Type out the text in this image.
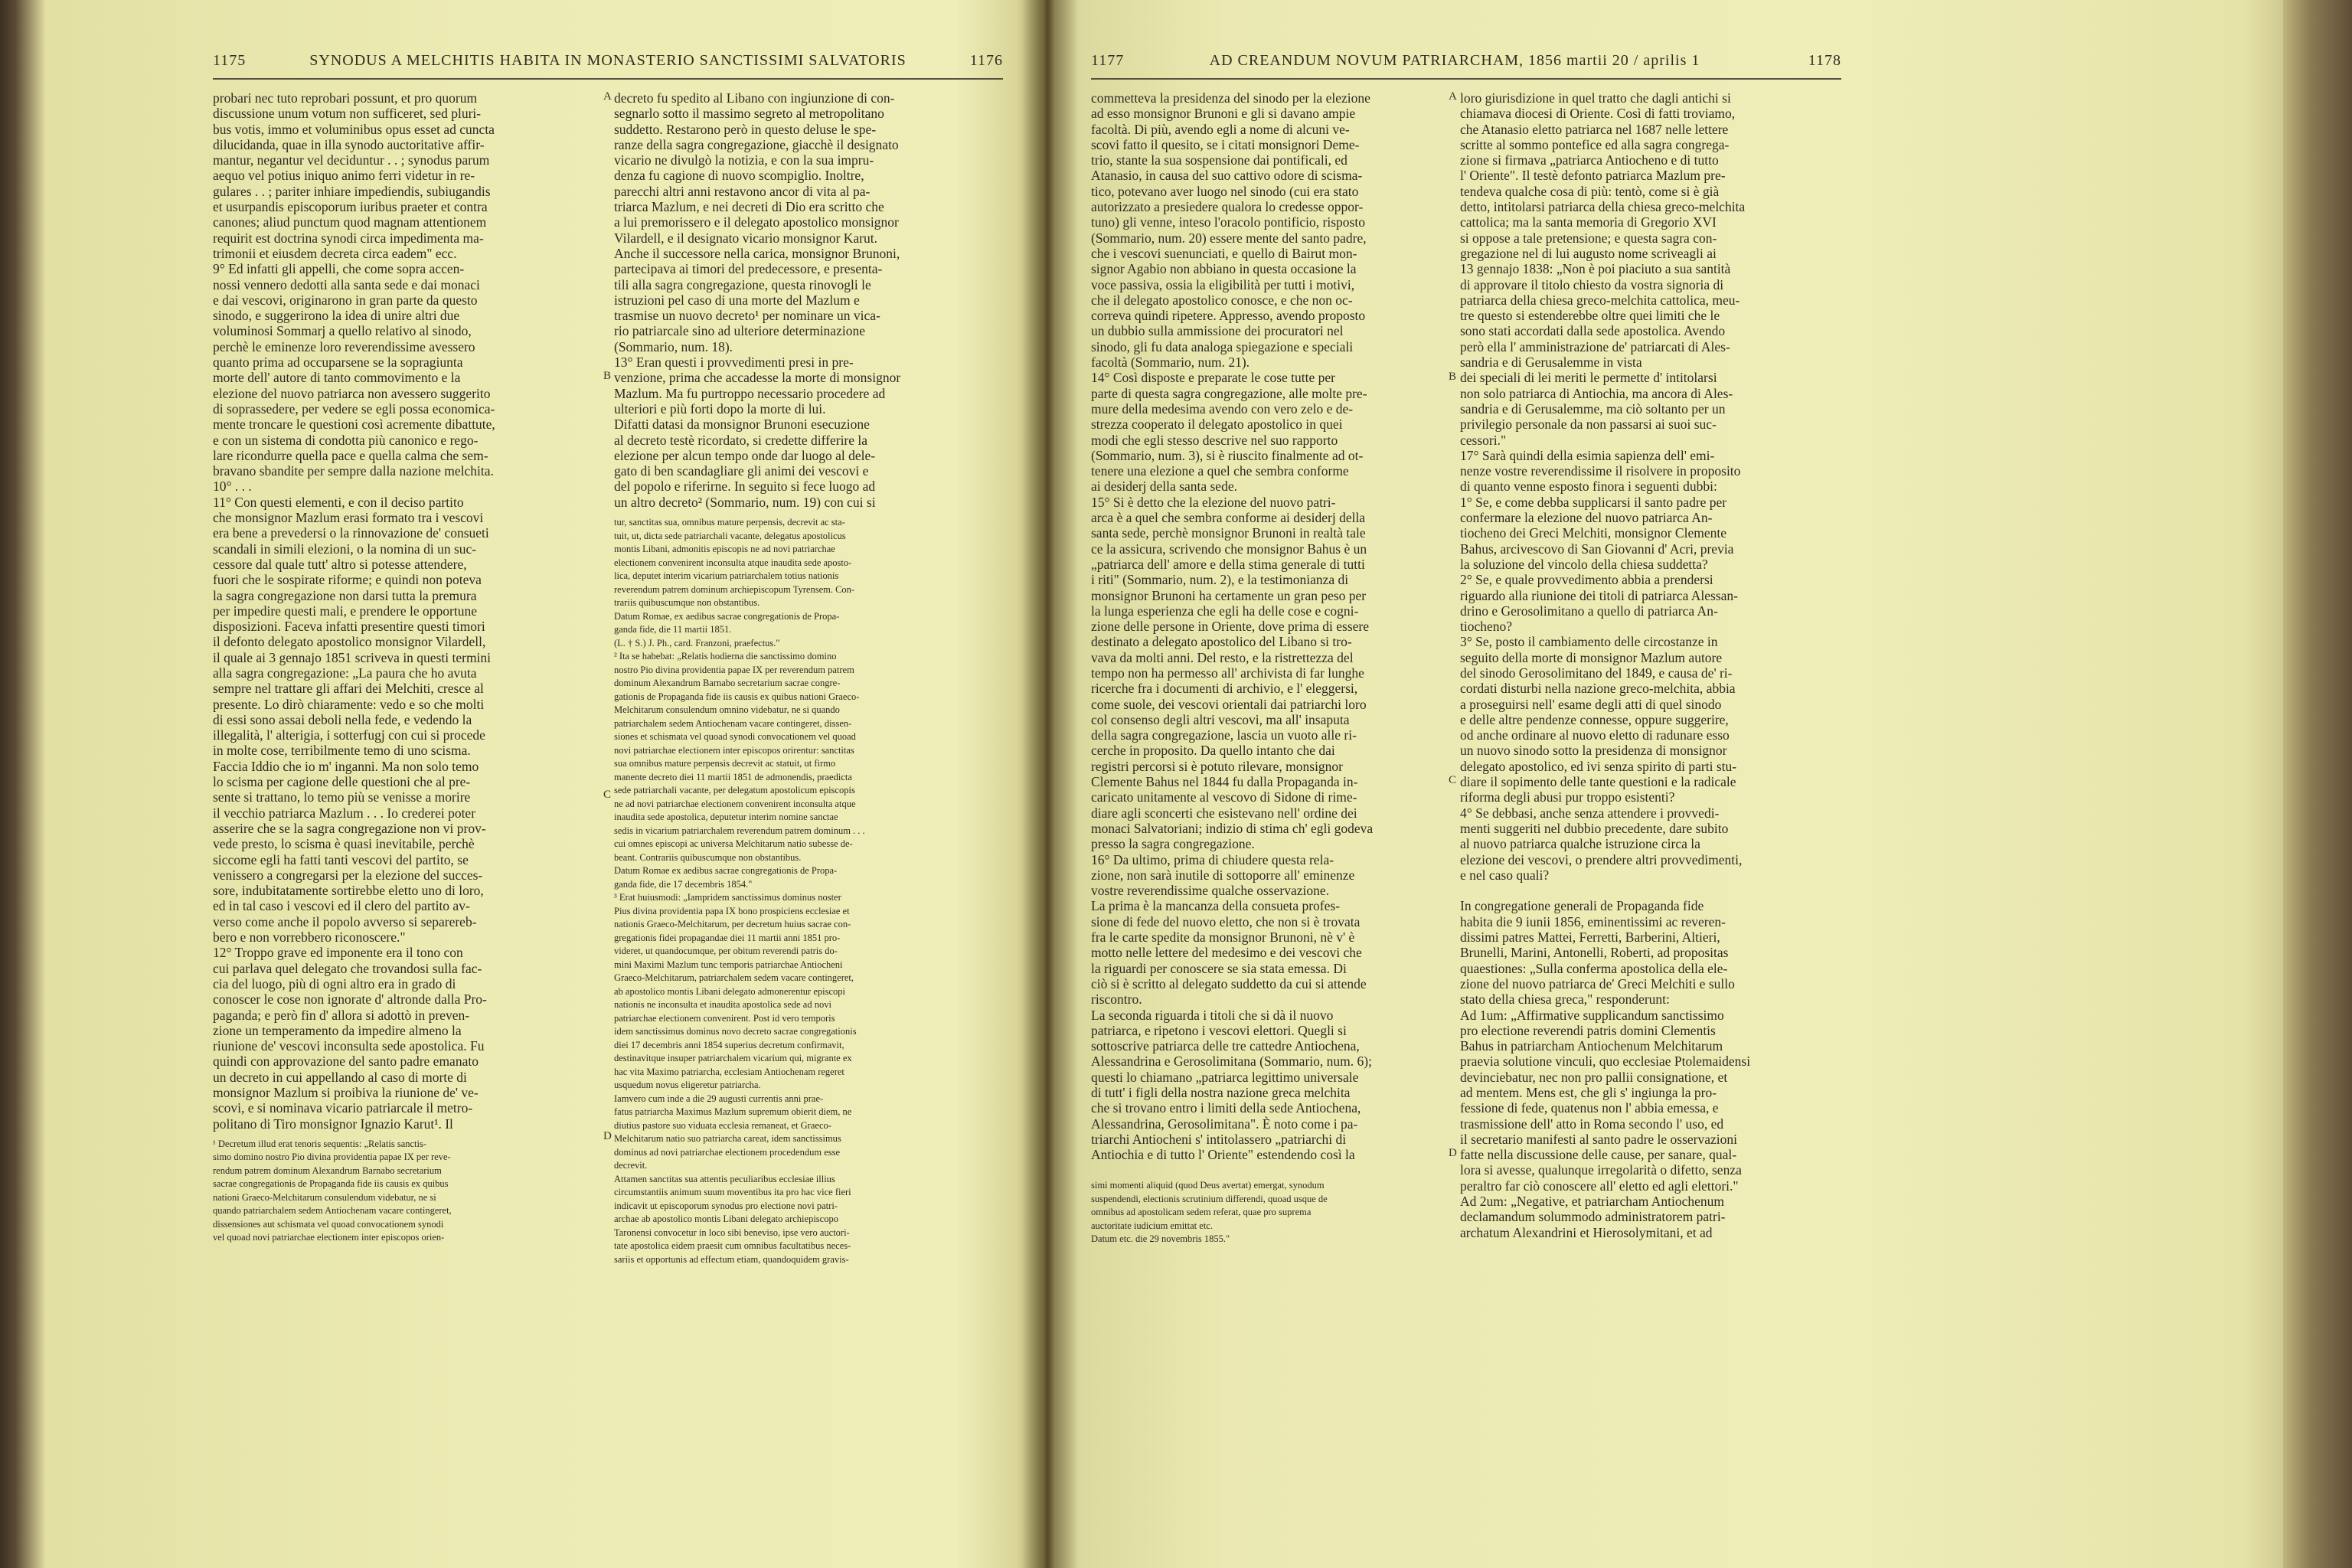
SYNODUS A MELCHITIS HABITA IN MONASTERIO SANCTISSIMI SALVATORIS
1175	1176
probari nec tuto reprobari possunt, et pro quorum
discussione unum votum non sufficeret, sed pluri-
bus votis, immo et voluminibus opus esset ad cuncta
dilucidanda, quae in illa synodo auctoritative affir-
mantur, negantur vel deciduntur . . ; synodus parum
aequo vel potius iniquo animo ferri videtur in re-
gulares . . ; pariter inhiare impediendis, subiugandis
et usurpandis episcoporum iuribus praeter et contra
canones; aliud punctum quod magnam attentionem
requirit est doctrina synodi circa impedimenta ma-
trimonii et eiusdem decreta circa eadem" ecc.
9° Ed infatti gli appelli, che come sopra accen-
nossi vennero dedotti alla santa sede e dai monaci
e dai vescovi, originarono in gran parte da questo
sinodo, e suggerirono la idea di unire altri due
voluminosi Sommarj a quello relativo al sinodo,
perchè le eminenze loro reverendissime avessero
quanto prima ad occuparsene se la sopragiunta
morte dell' autore di tanto commovimento e la
elezione del nuovo patriarca non avessero suggerito
di soprassedere, per vedere se egli possa economica-
mente troncare le questioni così acremente dibattute,
e con un sistema di condotta più canonico e rego-
lare ricondurre quella pace e quella calma che sem-
bravano sbandite per sempre dalla nazione melchita.
10° . . .
11° Con questi elementi, e con il deciso partito
che monsignor Mazlum erasi formato tra i vescovi
era bene a prevedersi o la rinnovazione de' consueti
scandali in simili elezioni, o la nomina di un suc-
cessore dal quale tutt' altro si potesse attendere,
fuori che le sospirate riforme; e quindi non poteva
la sagra congregazione non darsi tutta la premura
per impedire questi mali, e prendere le opportune
disposizioni. Faceva infatti presentire questi timori
il defonto delegato apostolico monsignor Vilardell,
il quale ai 3 gennajo 1851 scriveva in questi termini
alla sagra congregazione: „La paura che ho avuta
sempre nel trattare gli affari dei Melchiti, cresce al
presente. Lo dirò chiaramente: vedo e so che molti
di essi sono assai deboli nella fede, e vedendo la
illegalità, l' alterigia, i sotterfugj con cui si procede
in molte cose, terribilmente temo di uno scisma.
Faccia Iddio che io m' inganni. Ma non solo temo
lo scisma per cagione delle questioni che al pre-
sente si trattano, lo temo più se venisse a morire
il vecchio patriarca Mazlum . . . Io crederei poter
asserire che se la sagra congregazione non vi prov-
vede presto, lo scisma è quasi inevitabile, perchè
siccome egli ha fatti tanti vescovi del partito, se
venissero a congregarsi per la elezione del succes-
sore, indubitatamente sortirebbe eletto uno di loro,
ed in tal caso i vescovi ed il clero del partito av-
verso come anche il popolo avverso si separereb-
bero e non vorrebbero riconoscere."
12° Troppo grave ed imponente era il tono con
cui parlava quel delegato che trovandosi sulla fac-
cia del luogo, più di ogni altro era in grado di
conoscer le cose non ignorate d' altronde dalla Pro-
paganda; e però fin d' allora si adottò in preven-
zione un temperamento da impedire almeno la
riunione de' vescovi inconsulta sede apostolica. Fu
quindi con approvazione del santo padre emanato
un decreto in cui appellando al caso di morte di
monsignor Mazlum si proibiva la riunione de' ve-
scovi, e si nominava vicario patriarcale il metro-
politano di Tiro monsignor Ignazio Karut¹. Il
¹ Decretum illud erat tenoris sequentis: „Relatis sanctis-
simo domino nostro Pio divina providentia papae IX per reve-
rendum patrem dominum Alexandrum Barnabo secretarium
sacrae congregationis de Propaganda fide iis causis ex quibus
nationi Graeco-Melchitarum consulendum videbatur, ne si
quando patriarchalem sedem Antiochenam vacare contingeret,
dissensiones aut schismata vel quoad convocationem synodi
vel quoad novi patriarchae electionem inter episcopos orien-
decreto fu spedito al Libano con ingiunzione di con-
segnarlo sotto il massimo segreto al metropolitano
suddetto. Restarono però in questo deluse le spe-
ranze della sagra congregazione, giacchè il designato
vicario ne divulgò la notizia, e con la sua impru-
denza fu cagione di nuovo scompiglio. Inoltre,
parecchi altri anni restavono ancor di vita al pa-
triarca Mazlum, e nei decreti di Dio era scritto che
a lui premorissero e il delegato apostolico monsignor
Vilardell, e il designato vicario monsignor Karut.
Anche il successore nella carica, monsignor Brunoni,
partecipava ai timori del predecessore, e presenta-
tili alla sagra congregazione, questa rinovogli le
istruzioni pel caso di una morte del Mazlum e
trasmise un nuovo decreto¹ per nominare un vica-
rio patriarcale sino ad ulteriore determinazione
(Sommario, num. 18).
13° Eran questi i provvedimenti presi in pre-
venzione, prima che accadesse la morte di monsignor
Mazlum. Ma fu purtroppo necessario procedere ad
ulteriori e più forti dopo la morte di lui.
Difatti datasi da monsignor Brunoni esecuzione
al decreto testè ricordato, si credette differire la
elezione per alcun tempo onde dar luogo al dele-
gato di ben scandagliare gli animi dei vescovi e
del popolo e riferirne. In seguito si fece luogo ad
un altro decreto² (Sommario, num. 19) con cui si
tur, sanctitas sua, omnibus mature perpensis, decrevit ac sta-
tuit, ut, dicta sede patriarchali vacante, delegatus apostolicus
montis Libani, admonitis episcopis ne ad novi patriarchae
electionem convenirent inconsulta atque inaudita sede aposto-
lica, deputet interim vicarium patriarchalem totius nationis
reverendum patrem dominum archiepiscopum Tyrensem. Con-
trariis quibuscumque non obstantibus.
Datum Romae, ex aedibus sacrae congregationis de Propa-
ganda fide, die 11 martii 1851.
(L. † S.) J. Ph., card. Franzoni, praefectus."
² Ita se habebat: „Relatis hodierna die sanctissimo domino
nostro Pio divina providentia papae IX per reverendum patrem
dominum Alexandrum Barnabo secretarium sacrae congre-
gationis de Propaganda fide iis causis ex quibus nationi Graeco-
Melchitarum consulendum omnino videbatur, ne si quando
patriarchalem sedem Antiochenam vacare contingeret, dissen-
siones et schismata vel quoad synodi convocationem vel quoad
novi patriarchae electionem inter episcopos orirentur: sanctitas
sua omnibus mature perpensis decrevit ac statuit, ut firmo
manente decreto diei 11 martii 1851 de admonendis, praedicta
sede patriarchali vacante, per delegatum apostolicum episcopis
ne ad novi patriarchae electionem convenirent inconsulta atque
inaudita sede apostolica, deputetur interim nomine sanctae
sedis in vicarium patriarchalem reverendum patrem dominum . . .
cui omnes episcopi ac universa Melchitarum natio subesse de-
beant. Contrariis quibuscumque non obstantibus.
Datum Romae ex aedibus sacrae congregationis de Propa-
ganda fide, die 17 decembris 1854."
³ Erat huiusmodi: „Iampridem sanctissimus dominus noster
Pius divina providentia papa IX bono prospiciens ecclesiae et
nationis Graeco-Melchitarum, per decretum huius sacrae con-
gregationis fidei propagandae diei 11 martii anni 1851 pro-
videret, ut quandocumque, per obitum reverendi patris do-
mini Maximi Mazlum tunc temporis patriarchae Antiocheni
Graeco-Melchitarum, patriarchalem sedem vacare contingeret,
ab apostolico montis Libani delegato admonerentur episcopi
nationis ne inconsulta et inaudita apostolica sede ad novi
patriarchae electionem convenirent. Post id vero temporis
idem sanctissimus dominus novo decreto sacrae congregationis
diei 17 decembris anni 1854 superius decretum confirmavit,
destinavitque insuper patriarchalem vicarium qui, migrante ex
hac vita Maximo patriarcha, ecclesiam Antiochenam regeret
usquedum novus eligeretur patriarcha.
Iamvero cum inde a die 29 augusti currentis anni prae-
fatus patriarcha Maximus Mazlum supremum obierit diem, ne
diutius pastore suo viduata ecclesia remaneat, et Graeco-
Melchitarum natio suo patriarcha careat, idem sanctissimus
dominus ad novi patriarchae electionem procedendum esse
decrevit.
Attamen sanctitas sua attentis peculiaribus ecclesiae illius
circumstantiis animum suum moventibus ita pro hac vice fieri
indicavit ut episcoporum synodus pro electione novi patri-
archae ab apostolico montis Libani delegato archiepiscopo
Taronensi convocetur in loco sibi beneviso, ipse vero auctori-
tate apostolica eidem praesit cum omnibus facultatibus neces-
sariis et opportunis ad effectum etiam, quandoquidem gravis-
A
B
C
D
AD CREANDUM NOVUM PATRIARCHAM, 1856 martii 20 / aprilis 1
1177	1178
commetteva la presidenza del sinodo per la elezione
ad esso monsignor Brunoni e gli si davano ampie
facoltà. Di più, avendo egli a nome di alcuni ve-
scovi fatto il quesito, se i citati monsignori Deme-
trio, stante la sua sospensione dai pontificali, ed
Atanasio, in causa del suo cattivo odore di scisma-
tico, potevano aver luogo nel sinodo (cui era stato
autorizzato a presiedere qualora lo credesse oppor-
tuno) gli venne, inteso l'oracolo pontificio, risposto
(Sommario, num. 20) essere mente del santo padre,
che i vescovi suenunciati, e quello di Bairut mon-
signor Agabio non abbiano in questa occasione la
voce passiva, ossia la eligibilità per tutti i motivi,
che il delegato apostolico conosce, e che non oc-
correva quindi ripetere. Appresso, avendo proposto
un dubbio sulla ammissione dei procuratori nel
sinodo, gli fu data analoga spiegazione e speciali
facoltà (Sommario, num. 21).
14° Così disposte e preparate le cose tutte per
parte di questa sagra congregazione, alle molte pre-
mure della medesima avendo con vero zelo e de-
strezza cooperato il delegato apostolico in quei
modi che egli stesso descrive nel suo rapporto
(Sommario, num. 3), si è riuscito finalmente ad ot-
tenere una elezione a quel che sembra conforme
ai desiderj della santa sede.
15° Si è detto che la elezione del nuovo patri-
arca è a quel che sembra conforme ai desiderj della
santa sede, perchè monsignor Brunoni in realtà tale
ce la assicura, scrivendo che monsignor Bahus è un
„patriarca dell' amore e della stima generale di tutti
i riti" (Sommario, num. 2), e la testimonianza di
monsignor Brunoni ha certamente un gran peso per
la lunga esperienza che egli ha delle cose e cogni-
zione delle persone in Oriente, dove prima di essere
destinato a delegato apostolico del Libano si tro-
vava da molti anni. Del resto, e la ristrettezza del
tempo non ha permesso all' archivista di far lunghe
ricerche fra i documenti di archivio, e l' eleggersi,
come suole, dei vescovi orientali dai patriarchi loro
col consenso degli altri vescovi, ma all' insaputa
della sagra congregazione, lascia un vuoto alle ri-
cerche in proposito. Da quello intanto che dai
registri percorsi si è potuto rilevare, monsignor
Clemente Bahus nel 1844 fu dalla Propaganda in-
caricato unitamente al vescovo di Sidone di rime-
diare agli sconcerti che esistevano nell' ordine dei
monaci Salvatoriani; indizio di stima ch' egli godeva
presso la sagra congregazione.
16° Da ultimo, prima di chiudere questa rela-
zione, non sarà inutile di sottoporre all' eminenze
vostre reverendissime qualche osservazione.
La prima è la mancanza della consueta profes-
sione di fede del nuovo eletto, che non si è trovata
fra le carte spedite da monsignor Brunoni, nè v' è
motto nelle lettere del medesimo e dei vescovi che
la riguardi per conoscere se sia stata emessa. Di
ciò si è scritto al delegato suddetto da cui si attende
riscontro.
La seconda riguarda i titoli che si dà il nuovo
patriarca, e ripetono i vescovi elettori. Quegli si
sottoscrive patriarca delle tre cattedre Antiochena,
Alessandrina e Gerosolimitana (Sommario, num. 6);
questi lo chiamano „patriarca legittimo universale
di tutt' i figli della nostra nazione greca melchita
che si trovano entro i limiti della sede Antiochena,
Alessandrina, Gerosolimitana". È noto come i pa-
triarchi Antiocheni s' intitolassero „patriarchi di
Antiochia e di tutto l' Oriente" estendendo così la
simi momenti aliquid (quod Deus avertat) emergat, synodum
suspendendi, electionis scrutinium differendi, quoad usque de
omnibus ad apostolicam sedem referat, quae pro suprema
auctoritate iudicium emittat etc.
Datum etc. die 29 novembris 1855."
loro giurisdizione in quel tratto che dagli antichi si
chiamava diocesi di Oriente. Così di fatti troviamo,
che Atanasio eletto patriarca nel 1687 nelle lettere
scritte al sommo pontefice ed alla sagra congrega-
zione si firmava „patriarca Antiocheno e di tutto
l' Oriente". Il testè defonto patriarca Mazlum pre-
tendeva qualche cosa di più: tentò, come si è già
detto, intitolarsi patriarca della chiesa greco-melchita
cattolica; ma la santa memoria di Gregorio XVI
si oppose a tale pretensione; e questa sagra con-
gregazione nel di lui augusto nome scriveagli ai
13 gennajo 1838: „Non è poi piaciuto a sua santità
di approvare il titolo chiesto da vostra signoria di
patriarca della chiesa greco-melchita cattolica, meu-
tre questo si estenderebbe oltre quei limiti che le
sono stati accordati dalla sede apostolica. Avendo
però ella l' amministrazione de' patriarcati di Ales-
sandria e di Gerusalemme in vista
dei speciali di lei meriti le permette d' intitolarsi
non solo patriarca di Antiochia, ma ancora di Ales-
sandria e di Gerusalemme, ma ciò soltanto per un
privilegio personale da non passarsi ai suoi suc-
cessori."
17° Sarà quindi della esimia sapienza dell' emi-
nenze vostre reverendissime il risolvere in proposito
di quanto venne esposto finora i seguenti dubbi:
1° Se, e come debba supplicarsi il santo padre per
confermare la elezione del nuovo patriarca An-
tiocheno dei Greci Melchiti, monsignor Clemente
Bahus, arcivescovo di San Giovanni d' Acri, previa
la soluzione del vincolo della chiesa suddetta?
2° Se, e quale provvedimento abbia a prendersi
riguardo alla riunione dei titoli di patriarca Alessan-
drino e Gerosolimitano a quello di patriarca An-
tiocheno?
3° Se, posto il cambiamento delle circostanze in
seguito della morte di monsignor Mazlum autore
del sinodo Gerosolimitano del 1849, e causa de' ri-
cordati disturbi nella nazione greco-melchita, abbia
a proseguirsi nell' esame degli atti di quel sinodo
e delle altre pendenze connesse, oppure suggerire,
od anche ordinare al nuovo eletto di radunare esso
un nuovo sinodo sotto la presidenza di monsignor
delegato apostolico, ed ivi senza spirito di parti stu-
diare il sopimento delle tante questioni e la radicale
riforma degli abusi pur troppo esistenti?
4° Se debbasi, anche senza attendere i provvedi-
menti suggeriti nel dubbio precedente, dare subito
al nuovo patriarca qualche istruzione circa la
elezione dei vescovi, o prendere altri provvedimenti,
e nel caso quali?

In congregatione generali de Propaganda fide
habita die 9 iunii 1856, eminentissimi ac reveren-
dissimi patres Mattei, Ferretti, Barberini, Altieri,
Brunelli, Marini, Antonelli, Roberti, ad propositas
quaestiones: „Sulla conferma apostolica della ele-
zione del nuovo patriarca de' Greci Melchiti e sullo
stato della chiesa greca," responderunt:
Ad 1um: „Affirmative supplicandum sanctissimo
pro electione reverendi patris domini Clementis
Bahus in patriarcham Antiochenum Melchitarum
praevia solutione vinculi, quo ecclesiae Ptolemaidensi
devinciebatur, nec non pro pallii consignatione, et
ad mentem. Mens est, che gli s' ingiunga la pro-
fessione di fede, quatenus non l' abbia emessa, e
trasmissione dell' atto in Roma secondo l' uso, ed
il secretario manifesti al santo padre le osservazioni
fatte nella discussione delle cause, per sanare, qual-
lora si avesse, qualunque irregolarità o difetto, senza
peraltro far ciò conoscere all' eletto ed agli elettori."
Ad 2um: „Negative, et patriarcham Antiochenum
declamandum solummodo administratorem patri-
archatum Alexandrini et Hierosolymitani, et ad
A
B
C
D
